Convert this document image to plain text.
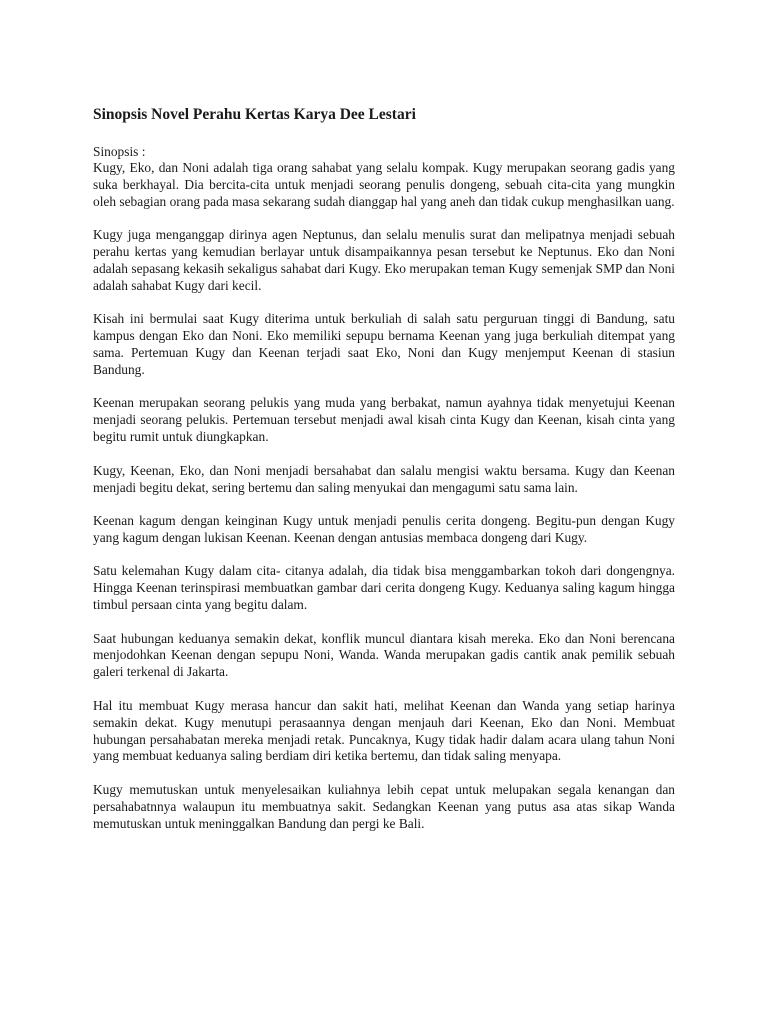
Sinopsis Novel Perahu Kertas Karya Dee Lestari

Sinopsis :

Kugy, Eko, dan Noni adalah tiga orang sahabat yang selalu kompak. Kugy merupakan seorang gadis yang suka berkhayal. Dia bercita-cita untuk menjadi seorang penulis dongeng, sebuah cita-cita yang mungkin oleh sebagian orang pada masa sekarang sudah dianggap hal yang aneh dan tidak cukup menghasilkan uang.

Kugy juga menganggap dirinya agen Neptunus, dan selalu menulis surat dan melipatnya menjadi sebuah perahu kertas yang kemudian berlayar untuk disampaikannya pesan tersebut ke Neptunus. Eko dan Noni adalah sepasang kekasih sekaligus sahabat dari Kugy. Eko merupakan teman Kugy semenjak SMP dan Noni adalah sahabat Kugy dari kecil.

Kisah ini bermulai saat Kugy diterima untuk berkuliah di salah satu perguruan tinggi di Bandung, satu kampus dengan Eko dan Noni. Eko memiliki sepupu bernama Keenan yang juga berkuliah ditempat yang sama. Pertemuan Kugy dan Keenan terjadi saat Eko, Noni dan Kugy menjemput Keenan di stasiun Bandung.

Keenan merupakan seorang pelukis yang muda yang berbakat, namun ayahnya tidak menyetujui Keenan menjadi seorang pelukis. Pertemuan tersebut menjadi awal kisah cinta Kugy dan Keenan, kisah cinta yang begitu rumit untuk diungkapkan.

Kugy, Keenan, Eko, dan Noni menjadi bersahabat dan salalu mengisi waktu bersama. Kugy dan Keenan menjadi begitu dekat, sering bertemu dan saling menyukai dan mengagumi satu sama lain.

Keenan kagum dengan keinginan Kugy untuk menjadi penulis cerita dongeng. Begitu-pun dengan Kugy yang kagum dengan lukisan Keenan. Keenan dengan antusias membaca dongeng dari Kugy.

Satu kelemahan Kugy dalam cita- citanya adalah, dia tidak bisa menggambarkan tokoh dari dongengnya. Hingga Keenan terinspirasi membuatkan gambar dari cerita dongeng Kugy. Keduanya saling kagum hingga timbul persaan cinta yang begitu dalam.

Saat hubungan keduanya semakin dekat, konflik muncul diantara kisah mereka. Eko dan Noni berencana menjodohkan Keenan dengan sepupu Noni, Wanda. Wanda merupakan gadis cantik anak pemilik sebuah galeri terkenal di Jakarta.

Hal itu membuat Kugy merasa hancur dan sakit hati, melihat Keenan dan Wanda yang setiap harinya semakin dekat. Kugy menutupi perasaannya dengan menjauh dari Keenan, Eko dan Noni. Membuat hubungan persahabatan mereka menjadi retak. Puncaknya, Kugy tidak hadir dalam acara ulang tahun Noni yang membuat keduanya saling berdiam diri ketika bertemu, dan tidak saling menyapa.

Kugy memutuskan untuk menyelesaikan kuliahnya lebih cepat untuk melupakan segala kenangan dan persahabatnnya walaupun itu membuatnya sakit. Sedangkan Keenan yang putus asa atas sikap Wanda memutuskan untuk meninggalkan Bandung dan pergi ke Bali.
